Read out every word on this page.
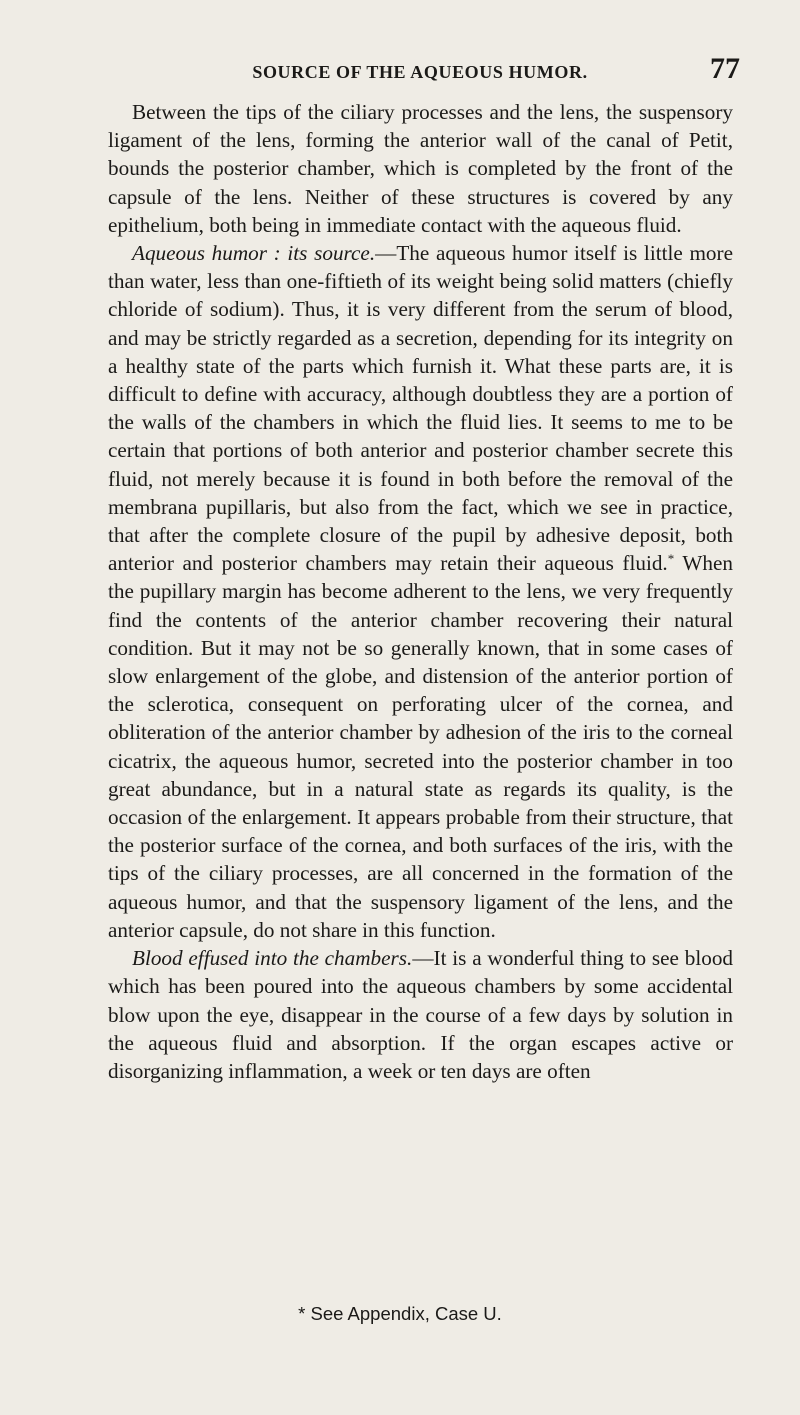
SOURCE OF THE AQUEOUS HUMOR.	77

Between the tips of the ciliary processes and the lens, the suspensory ligament of the lens, forming the anterior wall of the canal of Petit, bounds the posterior chamber, which is completed by the front of the capsule of the lens. Neither of these structures is covered by any epithelium, both being in immediate contact with the aqueous fluid.

Aqueous humor : its source.—The aqueous humor itself is little more than water, less than one-fiftieth of its weight being solid matters (chiefly chloride of sodium). Thus, it is very different from the serum of blood, and may be strictly regarded as a secretion, depending for its integrity on a healthy state of the parts which furnish it. What these parts are, it is difficult to define with accuracy, although doubtless they are a portion of the walls of the chambers in which the fluid lies. It seems to me to be certain that portions of both anterior and posterior chamber secrete this fluid, not merely because it is found in both before the removal of the membrana pupillaris, but also from the fact, which we see in practice, that after the complete closure of the pupil by adhesive deposit, both anterior and posterior chambers may retain their aqueous fluid.* When the pupillary margin has become adherent to the lens, we very frequently find the contents of the anterior chamber recovering their natural condition. But it may not be so generally known, that in some cases of slow enlargement of the globe, and distension of the anterior portion of the sclerotica, consequent on perforating ulcer of the cornea, and obliteration of the anterior chamber by adhesion of the iris to the corneal cicatrix, the aqueous humor, secreted into the posterior chamber in too great abundance, but in a natural state as regards its quality, is the occasion of the enlargement. It appears probable from their structure, that the posterior surface of the cornea, and both surfaces of the iris, with the tips of the ciliary processes, are all concerned in the formation of the aqueous humor, and that the suspensory ligament of the lens, and the anterior capsule, do not share in this function.

Blood effused into the chambers.—It is a wonderful thing to see blood which has been poured into the aqueous chambers by some accidental blow upon the eye, disappear in the course of a few days by solution in the aqueous fluid and absorption. If the organ escapes active or disorganizing inflammation, a week or ten days are often

* See Appendix, Case U.
